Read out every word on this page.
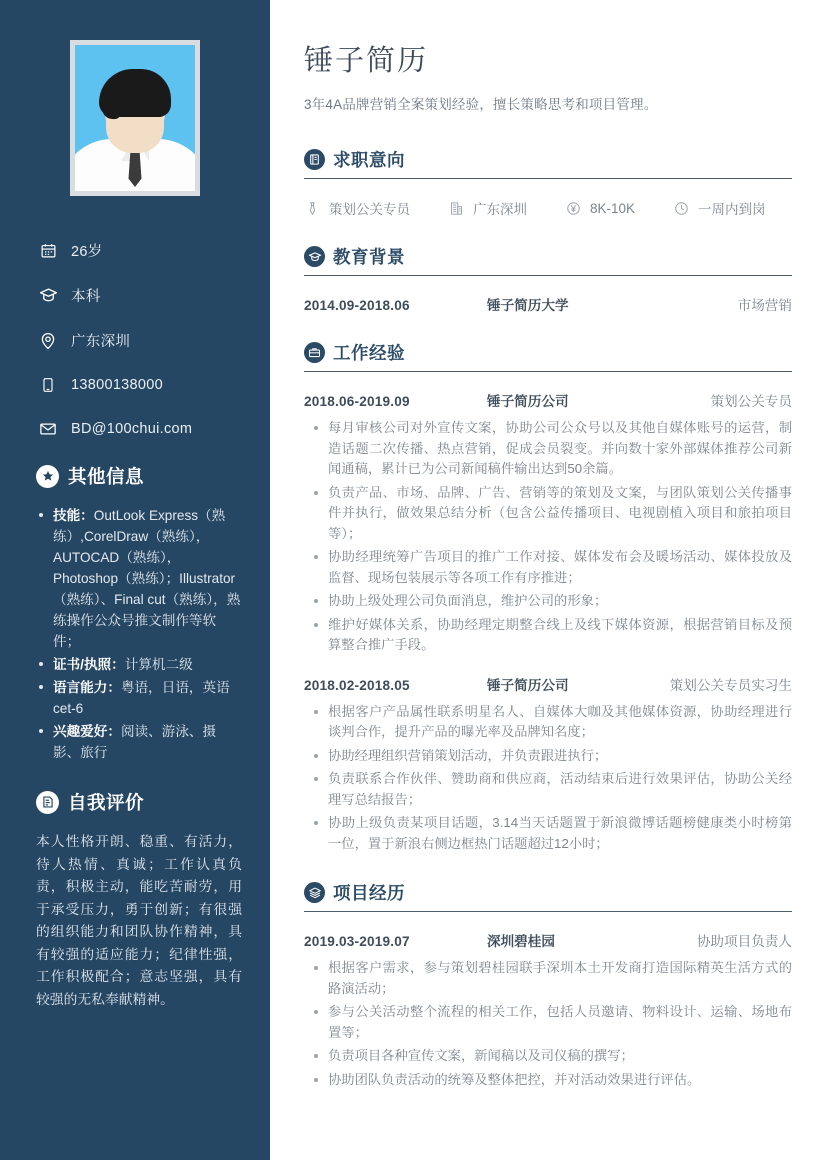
26岁
本科
广东深圳
13800138000
BD@100chui.com
其他信息
技能：OutLook Express（熟练）,CorelDraw（熟练），AUTOCAD（熟练），Photoshop（熟练）；Illustrator（熟练）、Final cut（熟练），熟练操作公众号推文制作等软件；
证书/执照：计算机二级
语言能力：粤语，日语，英语cet-6
兴趣爱好：阅读、游泳、摄影、旅行
自我评价

本人性格开朗、稳重、有活力，待人热情、真诚；工作认真负责，积极主动，能吃苦耐劳，用于承受压力，勇于创新；有很强的组织能力和团队协作精神，具有较强的适应能力；纪律性强，工作积极配合；意志坚强，具有较强的无私奉献精神。

锤子简历

3年4A品牌营销全案策划经验，擅长策略思考和项目管理。

求职意向
策划公关专员	广东深圳	8K-10K	一周内到岗
教育背景
2014.09-2018.06	锤子简历大学	市场营销
工作经验
2018.06-2019.09	锤子简历公司	策划公关专员
每月审核公司对外宣传文案，协助公司公众号以及其他自媒体账号的运营，制造话题二次传播、热点营销，促成会员裂变。并向数十家外部媒体推荐公司新闻通稿，累计已为公司新闻稿件输出达到50余篇。
负责产品、市场、品牌、广告、营销等的策划及文案，与团队策划公关传播事件并执行，做效果总结分析（包含公益传播项目、电视剧植入项目和旅拍项目等）；
协助经理统筹广告项目的推广工作对接、媒体发布会及暖场活动、媒体投放及监督、现场包装展示等各项工作有序推进；
协助上级处理公司负面消息，维护公司的形象；
维护好媒体关系，协助经理定期整合线上及线下媒体资源，根据营销目标及预算整合推广手段。
2018.02-2018.05	锤子简历公司	策划公关专员实习生
根据客户产品属性联系明星名人、自媒体大咖及其他媒体资源，协助经理进行谈判合作，提升产品的曝光率及品牌知名度；
协助经理组织营销策划活动，并负责跟进执行；
负责联系合作伙伴、赞助商和供应商，活动结束后进行效果评估，协助公关经理写总结报告；
协助上级负责某项目话题，3.14当天话题置于新浪微博话题榜健康类小时榜第一位，置于新浪右侧边框热门话题超过12小时；
项目经历
2019.03-2019.07	深圳碧桂园	协助项目负责人
根据客户需求，参与策划碧桂园联手深圳本土开发商打造国际精英生活方式的路演活动；
参与公关活动整个流程的相关工作，包括人员邀请、物料设计、运输、场地布置等；
负责项目各种宣传文案，新闻稿以及司仪稿的撰写；
协助团队负责活动的统筹及整体把控，并对活动效果进行评估。
